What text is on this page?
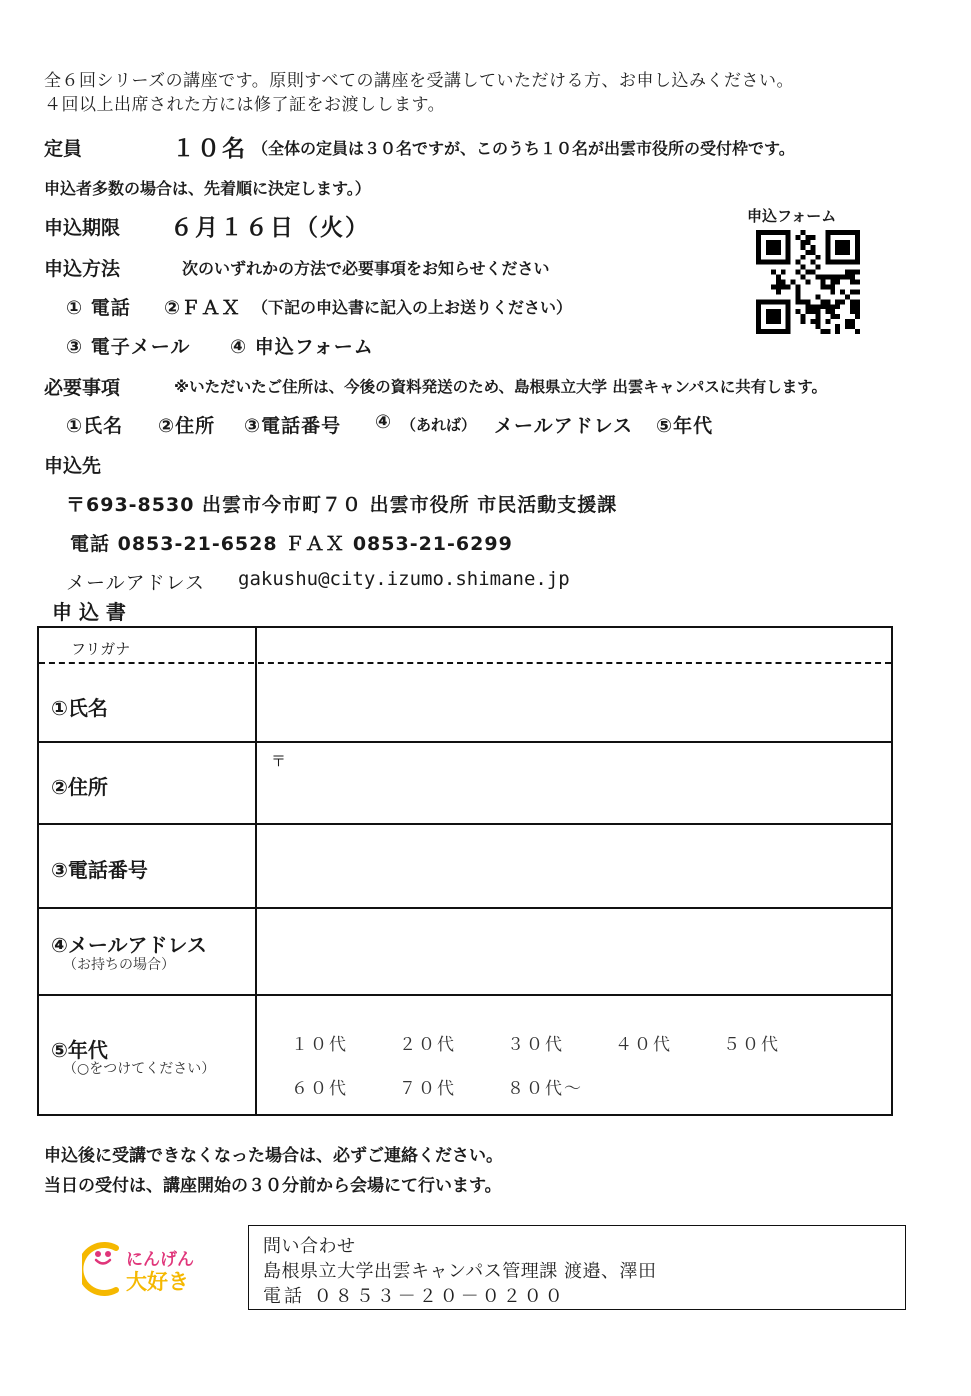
全６回シリーズの講座です。原則すべての講座を受講していただける方、お申し込みください。
４回以上出席された方には修了証をお渡しします。
定員	１０名 （全体の定員は３０名ですが、このうち１０名が出雲市役所の受付枠です。
申込者多数の場合は、先着順に決定します。）
申込期限 ６月１６日（火）	申込フォーム
申込方法	次のいずれかの方法で必要事項をお知らせください
① 電話 ②ＦＡＸ （下記の申込書に記入の上お送りください）
③ 電子メール ④ 申込フォーム
必要事項	※いただいたご住所は、今後の資料発送のため、島根県立大学 出雲キャンパスに共有します。
①氏名 ②住所 ③電話番号 ④ （あれば） メールアドレス ⑤年代
申込先
〒693-8530 出雲市今市町７０ 出雲市役所 市民活動支援課
電話 0853-21-6528 ＦＡＸ 0853-21-6299
メールアドレス gakushu@city.izumo.shimane.jp
申 込 書
フリガナ
①氏名
②住所
〒
③電話番号
④メールアドレス
（お持ちの場合）
⑤年代
（○をつけてください）
１０代	２０代	３０代	４０代	５０代
６０代	７０代	８０代～
申込後に受講できなくなった場合は、必ずご連絡ください。
当日の受付は、講座開始の３０分前から会場にて行います。
にんげん
大好き
問い合わせ
島根県立大学出雲キャンパス管理課 渡邉、澤田
電話 ０８５３－２０－０２００
